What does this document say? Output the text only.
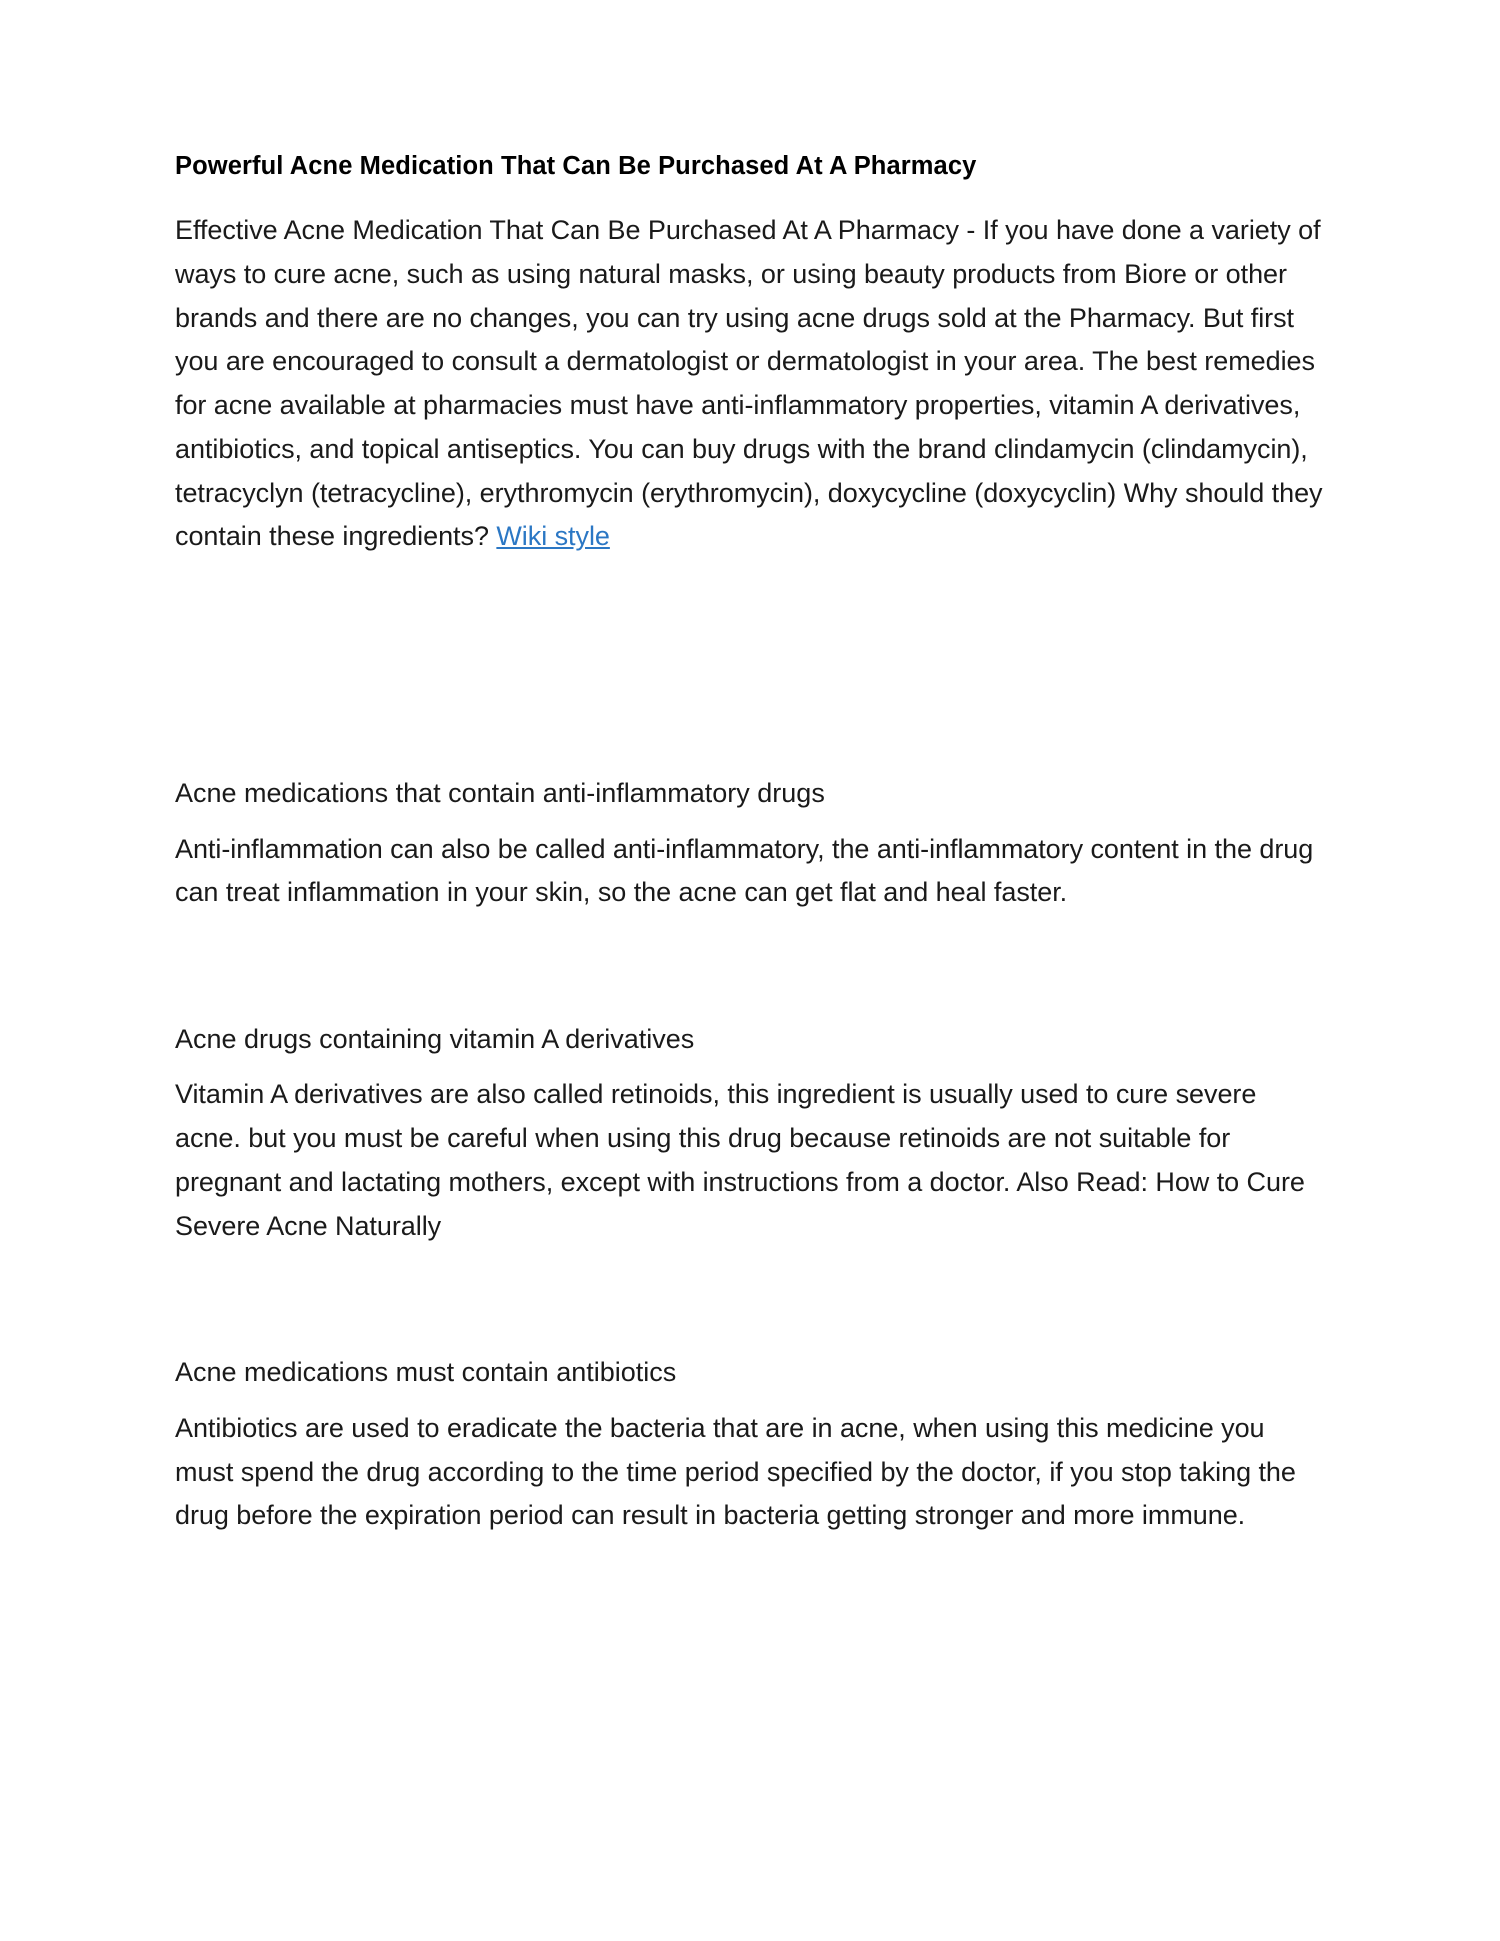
Powerful Acne Medication That Can Be Purchased At A Pharmacy

Effective Acne Medication That Can Be Purchased At A Pharmacy - If you have done a variety of ways to cure acne, such as using natural masks, or using beauty products from Biore or other brands and there are no changes, you can try using acne drugs sold at the Pharmacy. But first you are encouraged to consult a dermatologist or dermatologist in your area. The best remedies for acne available at pharmacies must have anti-inflammatory properties, vitamin A derivatives, antibiotics, and topical antiseptics. You can buy drugs with the brand clindamycin (clindamycin), tetracyclyn (tetracycline), erythromycin (erythromycin), doxycycline (doxycyclin) Why should they contain these ingredients? Wiki style

Acne medications that contain anti-inflammatory drugs

Anti-inflammation can also be called anti-inflammatory, the anti-inflammatory content in the drug can treat inflammation in your skin, so the acne can get flat and heal faster.

Acne drugs containing vitamin A derivatives

Vitamin A derivatives are also called retinoids, this ingredient is usually used to cure severe acne. but you must be careful when using this drug because retinoids are not suitable for pregnant and lactating mothers, except with instructions from a doctor. Also Read: How to Cure Severe Acne Naturally

Acne medications must contain antibiotics

Antibiotics are used to eradicate the bacteria that are in acne, when using this medicine you must spend the drug according to the time period specified by the doctor, if you stop taking the drug before the expiration period can result in bacteria getting stronger and more immune.
